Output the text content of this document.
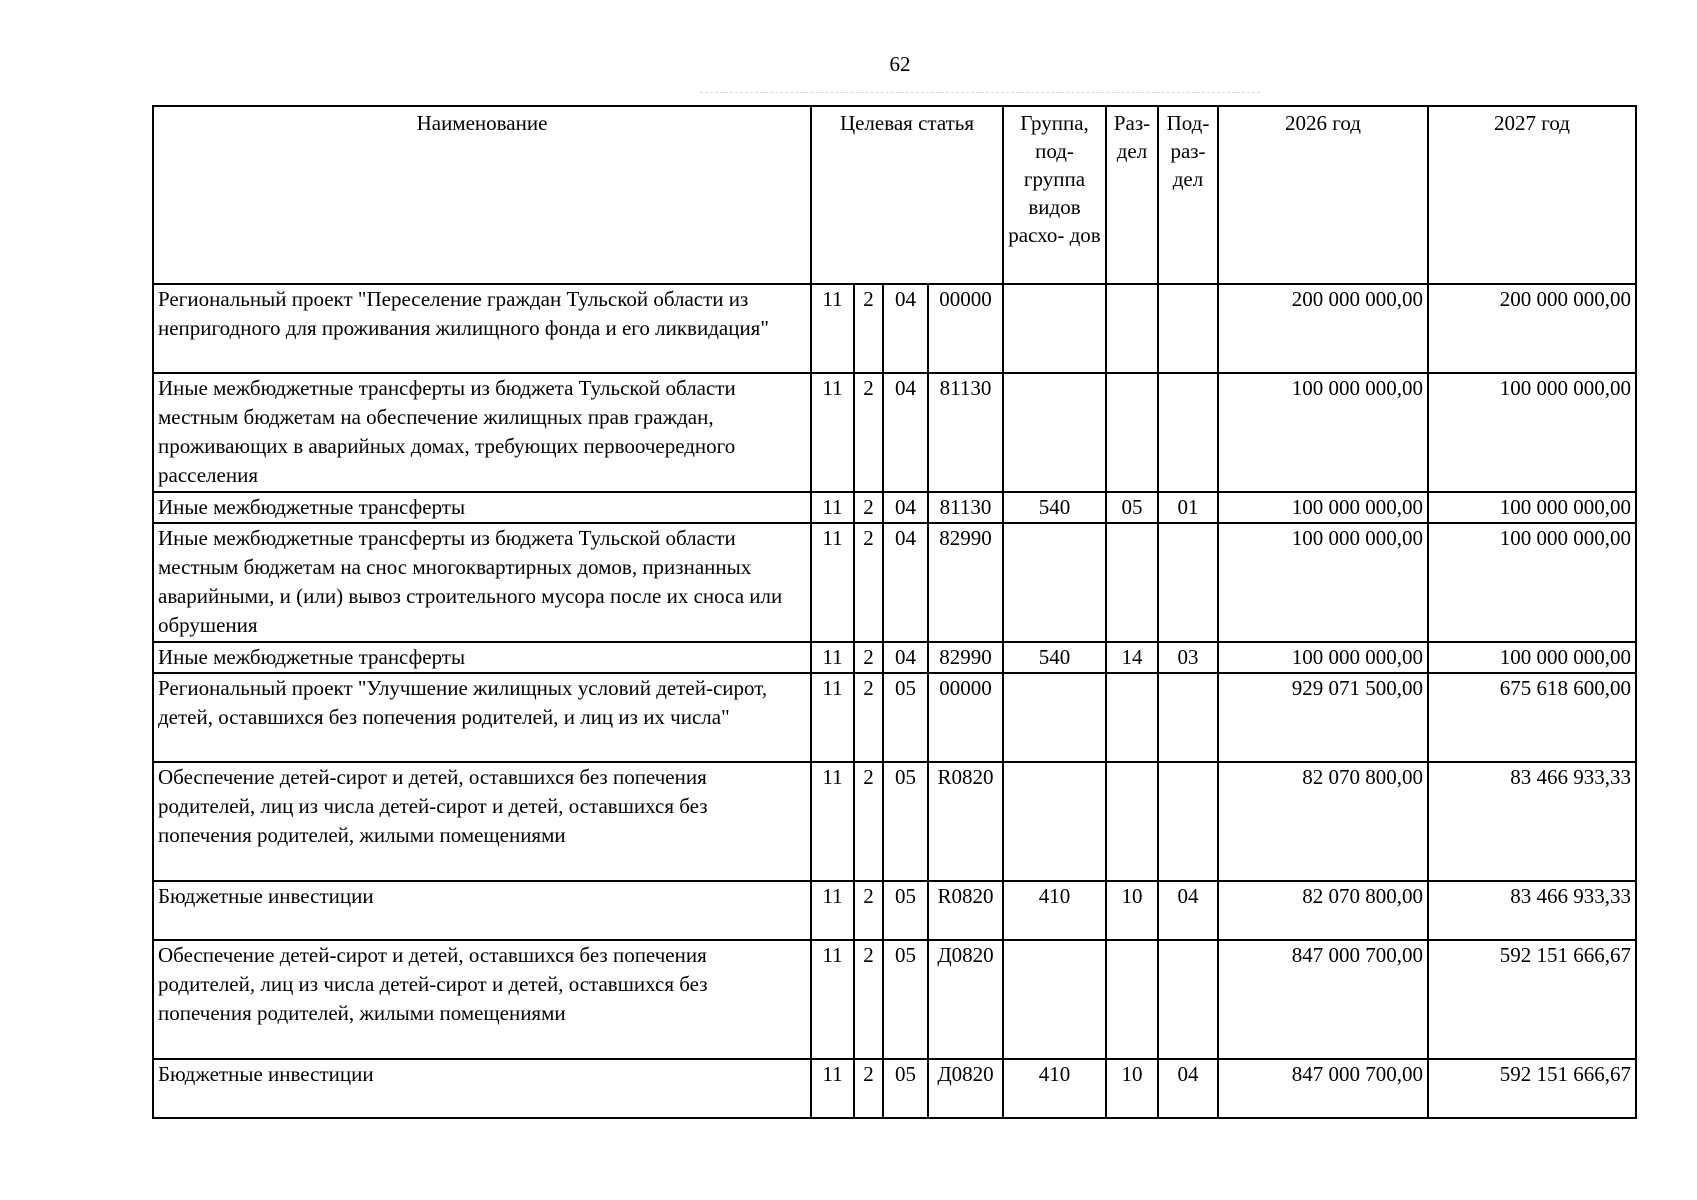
62
Наименование	Целевая статья				Группа, под- группа видов расхо- дов	Раз- дел	Под- раз- дел	2026 год	2027 год
Региональный проект "Переселение граждан Тульской области из непригодного для проживания жилищного фонда и его ликвидация"	11	2	04	00000				200 000 000,00	200 000 000,00
Иные межбюджетные трансферты из бюджета Тульской области местным бюджетам на обеспечение жилищных прав граждан, проживающих в аварийных домах, требующих первоочередного расселения	11	2	04	81130				100 000 000,00	100 000 000,00
Иные межбюджетные трансферты	11	2	04	81130	540	05	01	100 000 000,00	100 000 000,00
Иные межбюджетные трансферты из бюджета Тульской области местным бюджетам на снос многоквартирных домов, признанных аварийными, и (или) вывоз строительного мусора после их сноса или обрушения	11	2	04	82990				100 000 000,00	100 000 000,00
Иные межбюджетные трансферты	11	2	04	82990	540	14	03	100 000 000,00	100 000 000,00
Региональный проект "Улучшение жилищных условий детей-сирот, детей, оставшихся без попечения родителей, и лиц из их числа"	11	2	05	00000				929 071 500,00	675 618 600,00
Обеспечение детей-сирот и детей, оставшихся без попечения родителей, лиц из числа детей-сирот и детей, оставшихся без попечения родителей, жилыми помещениями	11	2	05	R0820				82 070 800,00	83 466 933,33
Бюджетные инвестиции	11	2	05	R0820	410	10	04	82 070 800,00	83 466 933,33
Обеспечение детей-сирот и детей, оставшихся без попечения родителей, лиц из числа детей-сирот и детей, оставшихся без попечения родителей, жилыми помещениями	11	2	05	Д0820				847 000 700,00	592 151 666,67
Бюджетные инвестиции	11	2	05	Д0820	410	10	04	847 000 700,00	592 151 666,67
